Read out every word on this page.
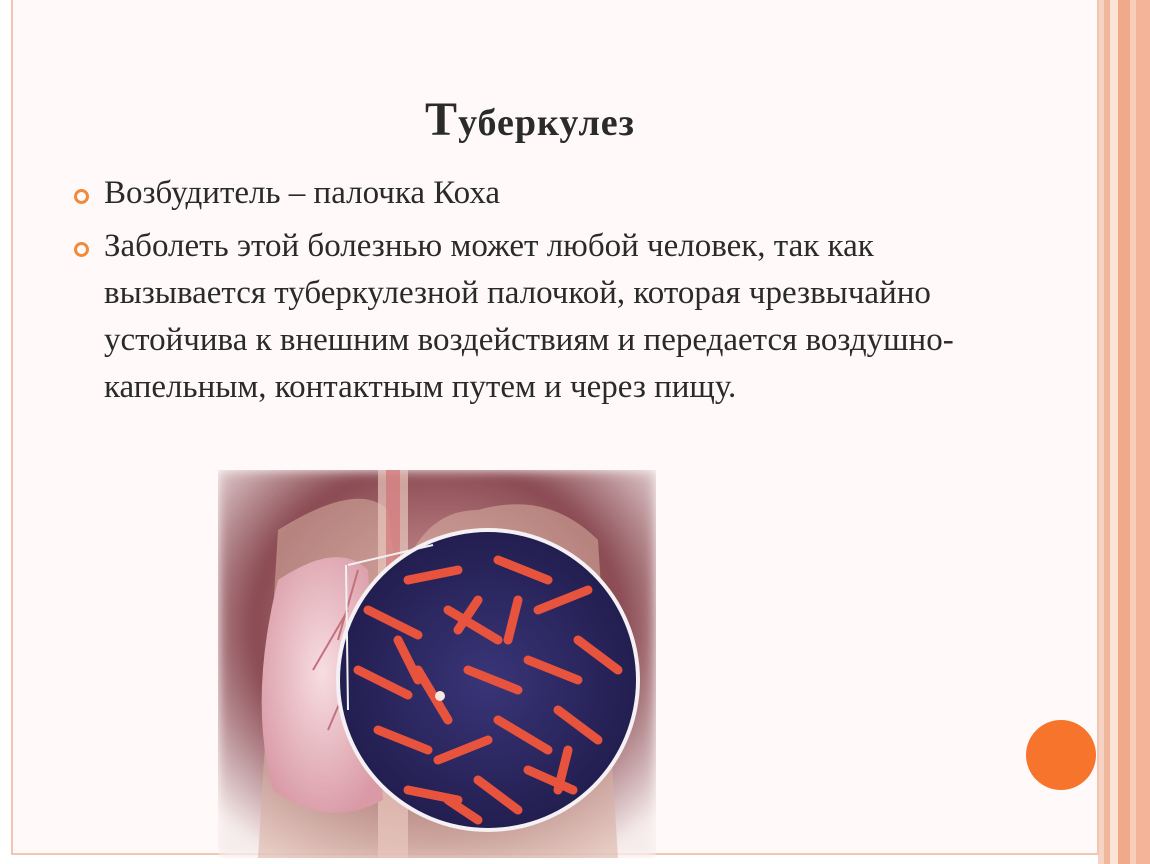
Туберкулез
Возбудитель – палочка Коха
Заболеть этой болезнью может любой человек, так как вызывается туберкулезной палочкой, которая чрезвычайно устойчива к внешним воздействиям и передается воздушно-капельным, контактным путем и через пищу.
